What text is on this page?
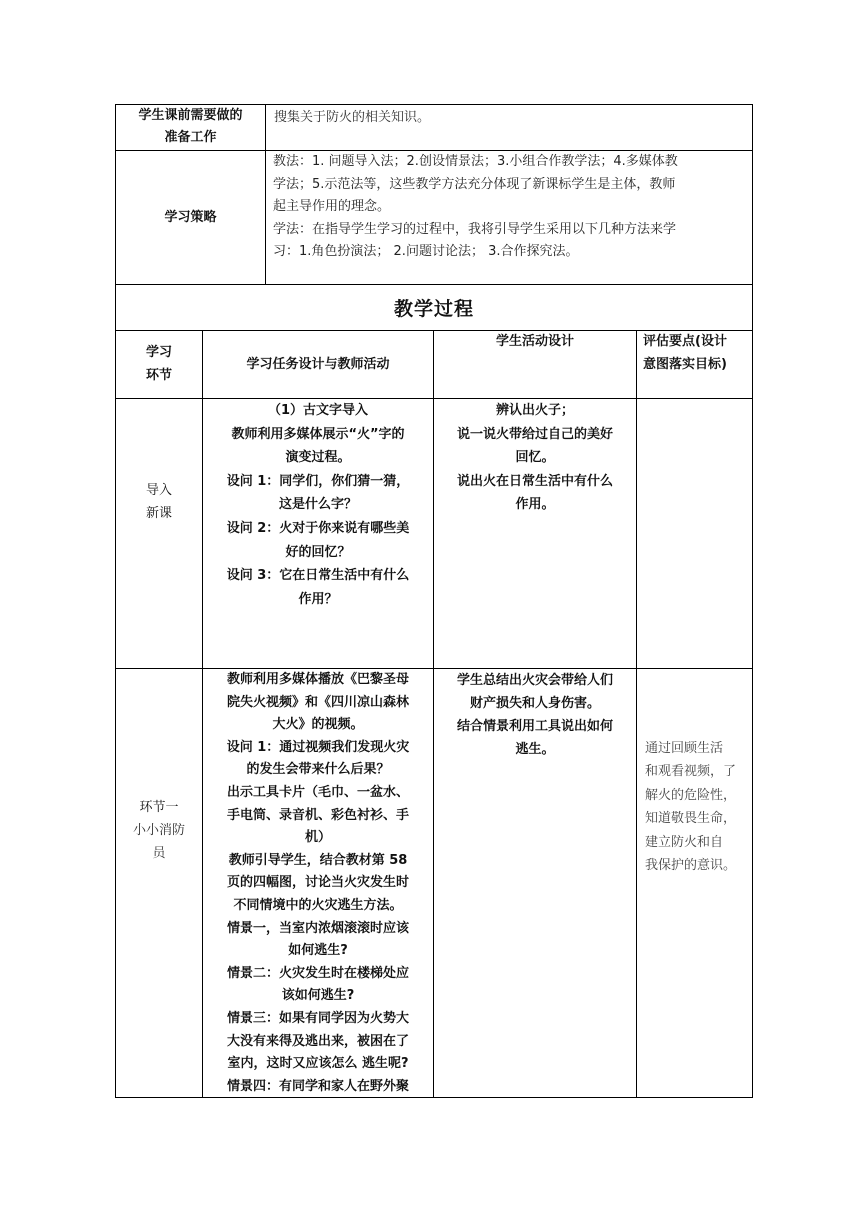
学生课前需要做的
准备工作
搜集关于防火的相关知识。
学习策略
教法：1. 问题导入法；2.创设情景法；3.小组合作教学法；4.多媒体教
学法；5.示范法等，这些教学方法充分体现了新课标学生是主体，教师
起主导作用的理念。
学法：在指导学生学习的过程中，我将引导学生采用以下几种方法来学
习：1.角色扮演法； 2.问题讨论法； 3.合作探究法。
教学过程
学习
环节
学习任务设计与教师活动
学生活动设计	评估要点(设计
意图落实目标)
导入
新课
（1）古文字导入
教师利用多媒体展示“火”字的
演变过程。
设问 1：同学们，你们猜一猜，
这是什么字？
设问 2：火对于你来说有哪些美
好的回忆？
设问 3：它在日常生活中有什么
作用？
辨认出火子；
说一说火带给过自己的美好
回忆。
说出火在日常生活中有什么
作用。
环节一
小小消防
员
教师利用多媒体播放《巴黎圣母
院失火视频》和《四川凉山森林
大火》的视频。
设问 1：通过视频我们发现火灾
的发生会带来什么后果？
出示工具卡片（毛巾、一盆水、
手电筒、录音机、彩色衬衫、手
机）
教师引导学生，结合教材第 58
页的四幅图，讨论当火灾发生时
不同情境中的火灾逃生方法。
情景一，当室内浓烟滚滚时应该
如何逃生?
情景二：火灾发生时在楼梯处应
该如何逃生?
情景三：如果有同学因为火势大
大没有来得及逃出来，被困在了
室内，这时又应该怎么 逃生呢?
情景四：有同学和家人在野外聚
学生总结出火灾会带给人们
财产损失和人身伤害。
结合情景利用工具说出如何
逃生。	通过回顾生活
和观看视频，了
解火的危险性，
知道敬畏生命，
建立防火和自
我保护的意识。
